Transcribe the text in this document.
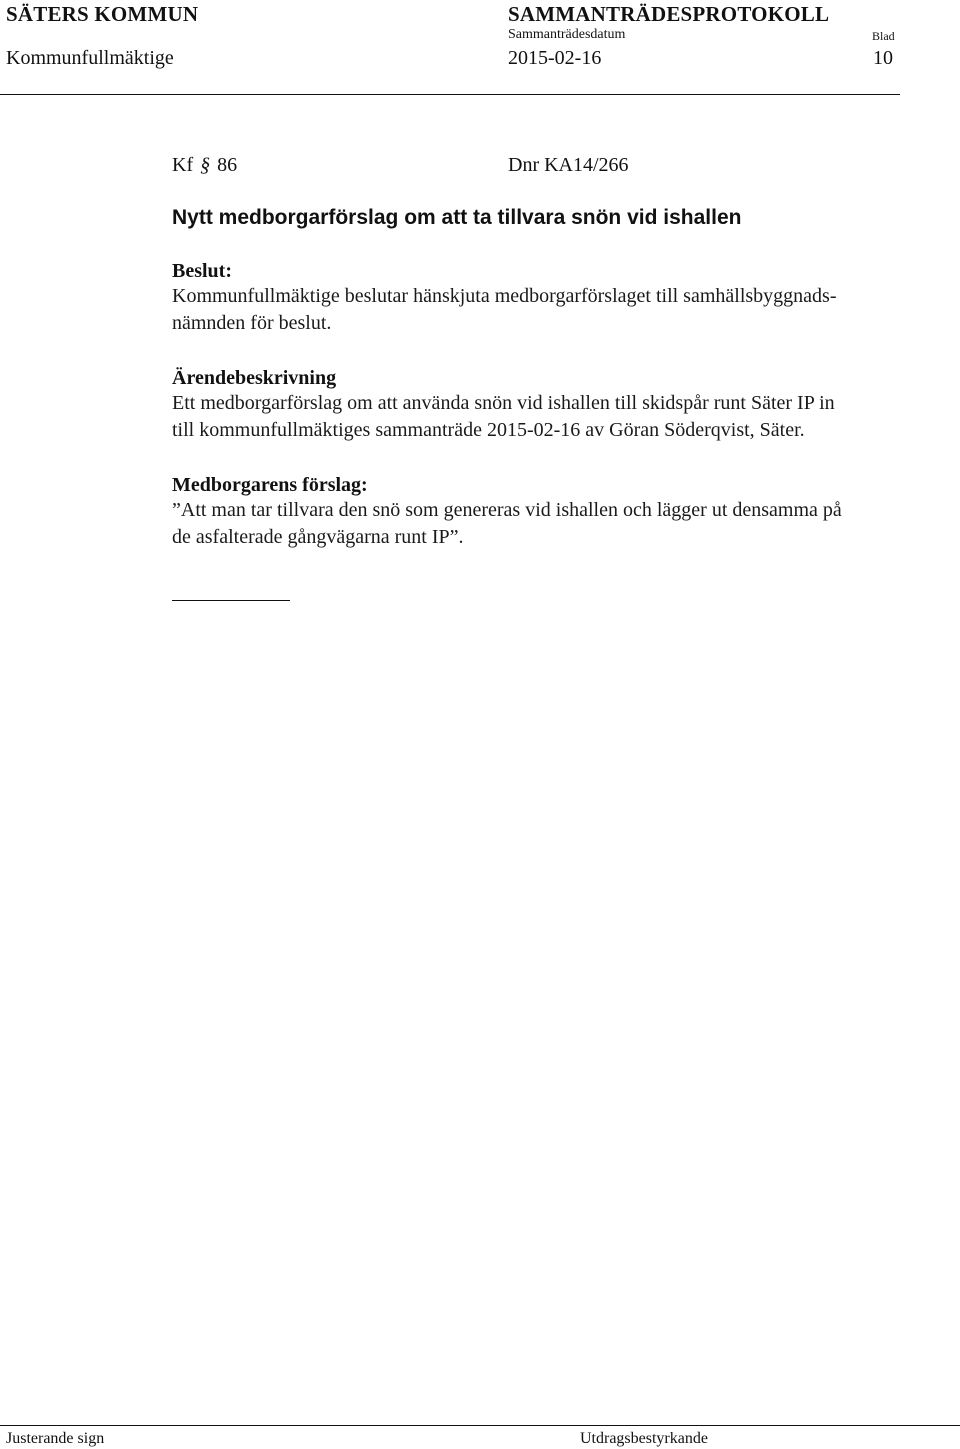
SÄTERS KOMMUN	SAMMANTRÄDESPROTOKOLL
Sammanträdesdatum	Blad
Kommunfullmäktige	2015-02-16	10
Kf § 86	Dnr KA14/266
Nytt medborgarförslag om att ta tillvara snön vid ishallen
Beslut:
Kommunfullmäktige beslutar hänskjuta medborgarförslaget till samhällsbyggnads-
nämnden för beslut.
Ärendebeskrivning
Ett medborgarförslag om att använda snön vid ishallen till skidspår runt Säter IP in
till kommunfullmäktiges sammanträde 2015-02-16 av Göran Söderqvist, Säter.
Medborgarens förslag:
”Att man tar tillvara den snö som genereras vid ishallen och lägger ut densamma på
de asfalterade gångvägarna runt IP”.
Justerande sign	Utdragsbestyrkande
